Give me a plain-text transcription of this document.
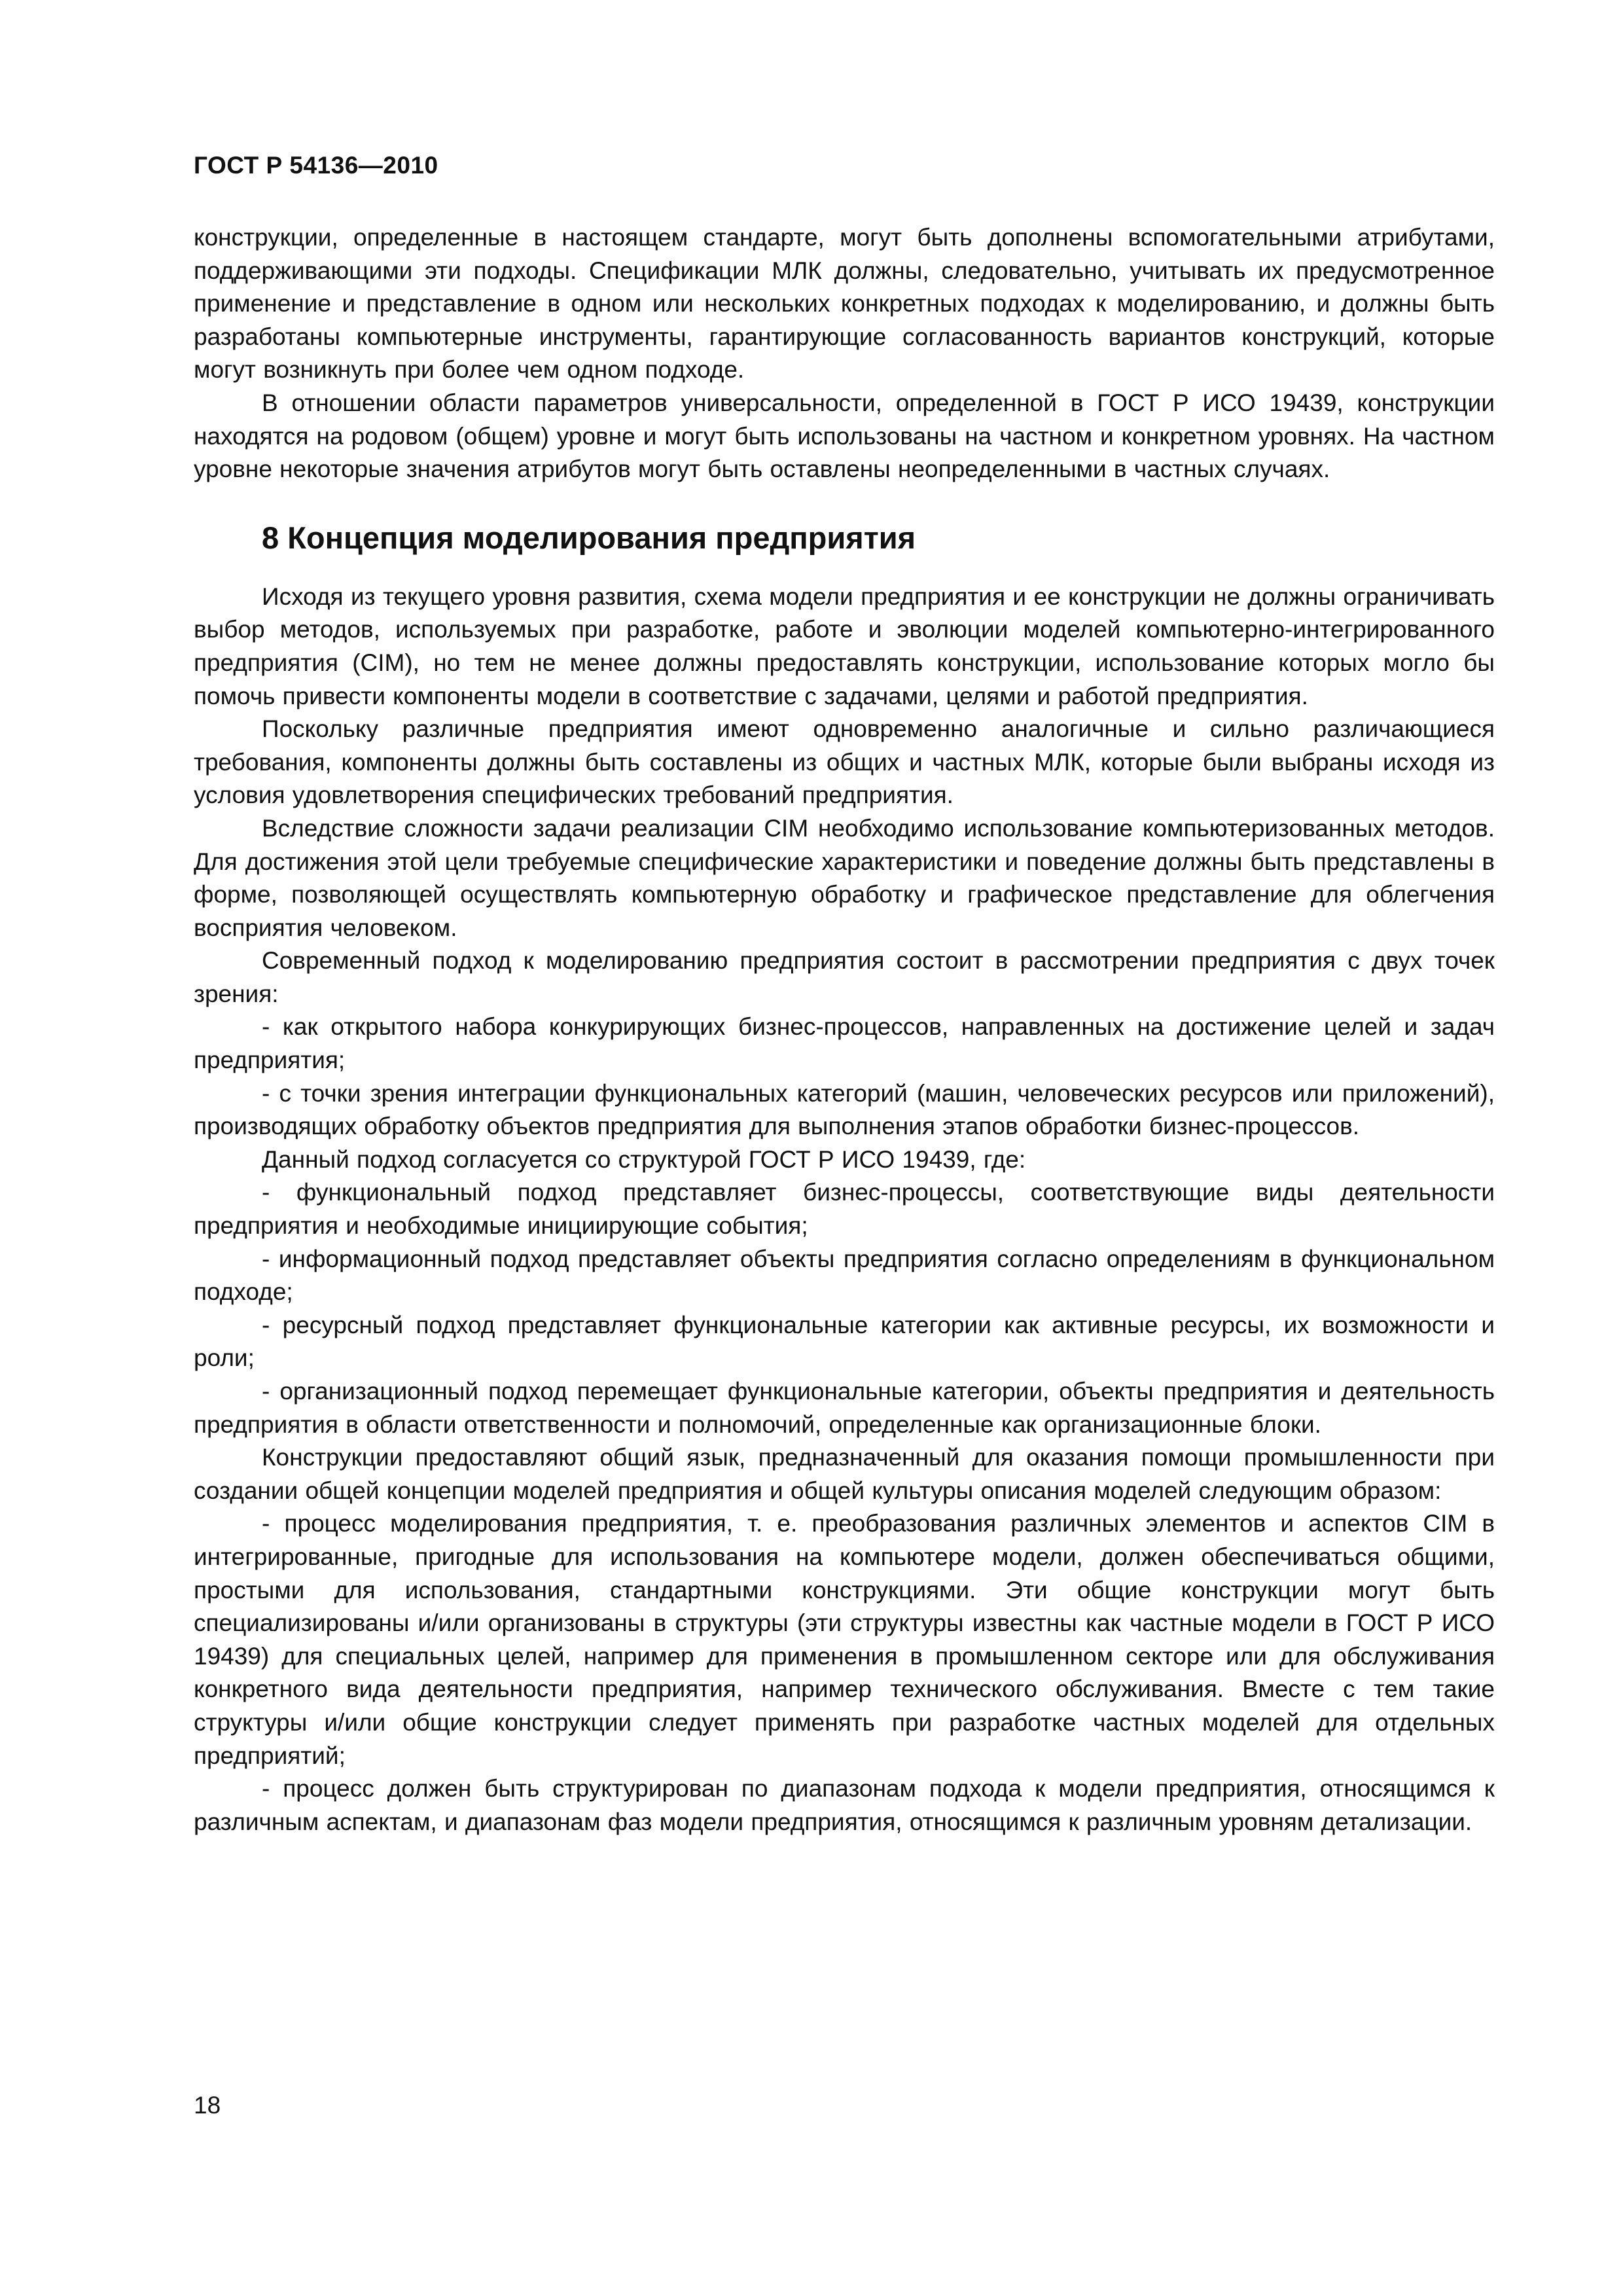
ГОСТ Р 54136—2010

конструкции, определенные в настоящем стандарте, могут быть дополнены вспомогательными атрибутами, поддерживающими эти подходы. Спецификации МЛК должны, следовательно, учитывать их предусмотренное применение и представление в одном или нескольких конкретных подходах к моделированию, и должны быть разработаны компьютерные инструменты, гарантирующие согласованность вариантов конструкций, которые могут возникнуть при более чем одном подходе.

В отношении области параметров универсальности, определенной в ГОСТ Р ИСО 19439, конструкции находятся на родовом (общем) уровне и могут быть использованы на частном и конкретном уровнях. На частном уровне некоторые значения атрибутов могут быть оставлены неопределенными в частных случаях.

8 Концепция моделирования предприятия

Исходя из текущего уровня развития, схема модели предприятия и ее конструкции не должны ограничивать выбор методов, используемых при разработке, работе и эволюции моделей компьютерно-интегрированного предприятия (CIM), но тем не менее должны предоставлять конструкции, использование которых могло бы помочь привести компоненты модели в соответствие с задачами, целями и работой предприятия.

Поскольку различные предприятия имеют одновременно аналогичные и сильно различающиеся требования, компоненты должны быть составлены из общих и частных МЛК, которые были выбраны исходя из условия удовлетворения специфических требований предприятия.

Вследствие сложности задачи реализации CIM необходимо использование компьютеризованных методов. Для достижения этой цели требуемые специфические характеристики и поведение должны быть представлены в форме, позволяющей осуществлять компьютерную обработку и графическое представление для облегчения восприятия человеком.

Современный подход к моделированию предприятия состоит в рассмотрении предприятия с двух точек зрения:

- как открытого набора конкурирующих бизнес-процессов, направленных на достижение целей и задач предприятия;

- с точки зрения интеграции функциональных категорий (машин, человеческих ресурсов или приложений), производящих обработку объектов предприятия для выполнения этапов обработки бизнес-процессов.

Данный подход согласуется со структурой ГОСТ Р ИСО 19439, где:

- функциональный подход представляет бизнес-процессы, соответствующие виды деятельности предприятия и необходимые инициирующие события;

- информационный подход представляет объекты предприятия согласно определениям в функциональном подходе;

- ресурсный подход представляет функциональные категории как активные ресурсы, их возможности и роли;

- организационный подход перемещает функциональные категории, объекты предприятия и деятельность предприятия в области ответственности и полномочий, определенные как организационные блоки.

Конструкции предоставляют общий язык, предназначенный для оказания помощи промышленности при создании общей концепции моделей предприятия и общей культуры описания моделей следующим образом:

- процесс моделирования предприятия, т. е. преобразования различных элементов и аспектов CIM в интегрированные, пригодные для использования на компьютере модели, должен обеспечиваться общими, простыми для использования, стандартными конструкциями. Эти общие конструкции могут быть специализированы и/или организованы в структуры (эти структуры известны как частные модели в ГОСТ Р ИСО 19439) для специальных целей, например для применения в промышленном секторе или для обслуживания конкретного вида деятельности предприятия, например технического обслуживания. Вместе с тем такие структуры и/или общие конструкции следует применять при разработке частных моделей для отдельных предприятий;

- процесс должен быть структурирован по диапазонам подхода к модели предприятия, относящимся к различным аспектам, и диапазонам фаз модели предприятия, относящимся к различным уровням детализации.

18
